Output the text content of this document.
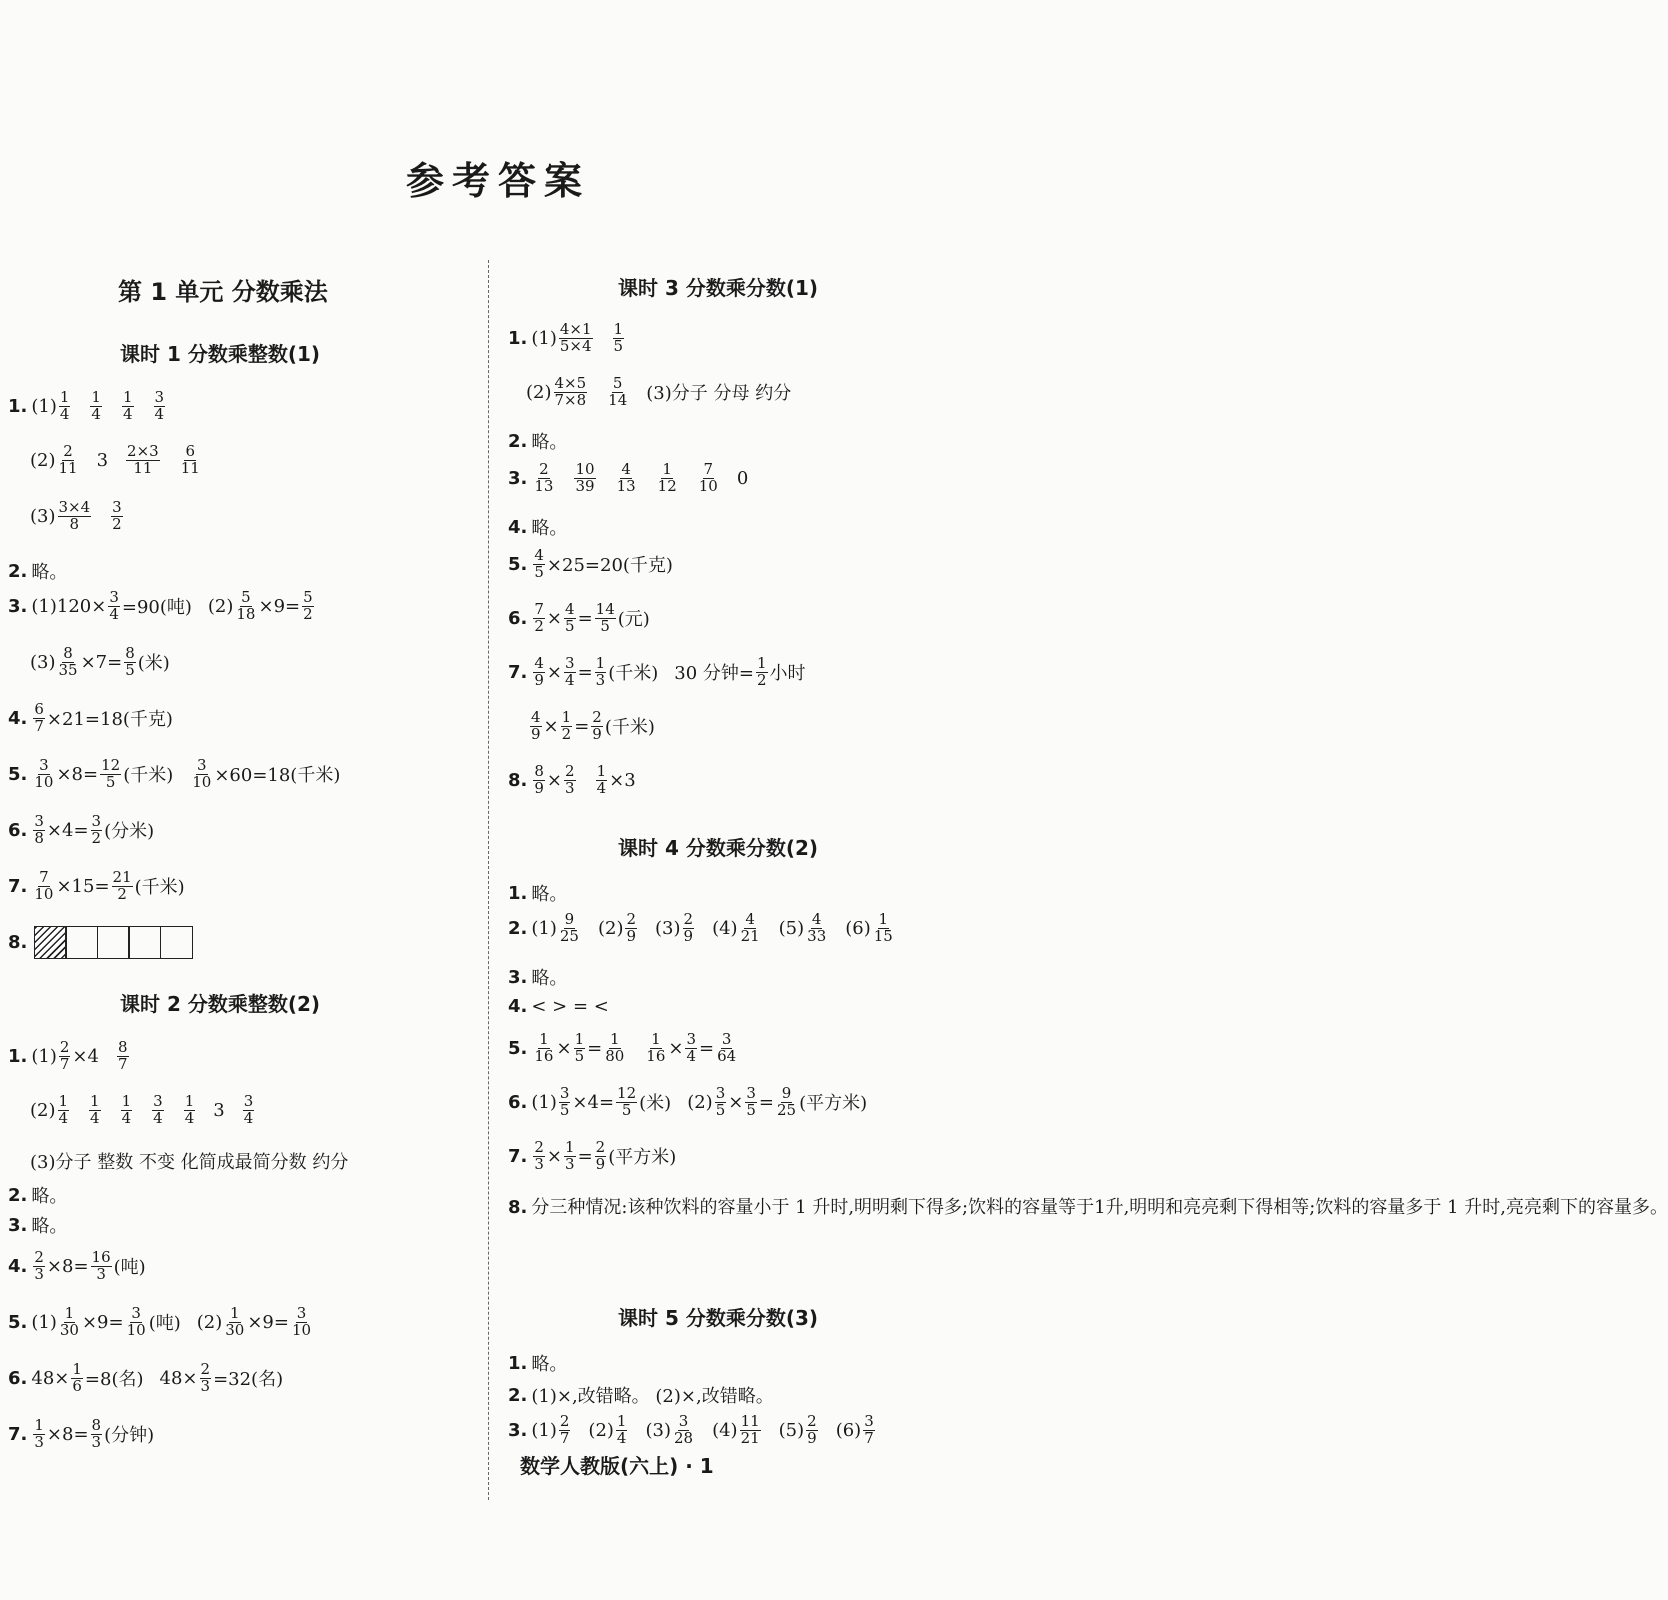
参考答案
第 1 单元 分数乘法
课时 1 分数乘整数(1)
1. $(1) \frac{1}{4} \frac{1}{4} \frac{1}{4} \frac{3}{4}$
$(2) \frac{2}{11} 3 \frac{2\times 3}{11} \frac{6}{11}$
$(3) \frac{3\times 4}{8} \frac{3}{2}$
2. 略。
3. $(1)120\times \frac{3}{4} =90$(吨) $(2) \frac{5}{18} \times 9= \frac{5}{2}$
$(3) \frac{8}{35} \times 7= \frac{8}{5}$ (米)
4. $\frac{6}{7} \times 21=18$(千克)
5. $\frac{3}{10} \times 8= \frac{12}{5}$ (千米) $\frac{3}{10} \times 60=18$(千米)
6. $\frac{3}{8} \times 4= \frac{3}{2}$ (分米)
7. $\frac{7}{10} \times 15= \frac{21}{2}$ (千米)
8.
课时 2 分数乘整数(2)
1. $(1) \frac{2}{7} \times 4 \frac{8}{7}$
$(2) \frac{1}{4} \frac{1}{4} \frac{1}{4} \frac{3}{4} \frac{1}{4} 3 \frac{3}{4}$
(3)分子 整数 不变 化简成最简分数 约分
2. 略。
3. 略。
4. $\frac{2}{3} \times 8= \frac{16}{3}$ (吨)
5. $(1) \frac{1}{30} \times 9= \frac{3}{10}$ (吨) $(2) \frac{1}{30} \times 9= \frac{3}{10}$
6. $48\times \frac{1}{6} =8$(名) $48\times \frac{2}{3} =32$(名)
7. $\frac{1}{3} \times 8= \frac{8}{3}$ (分钟)
课时 3 分数乘分数(1)
1. $(1) \frac{4\times 1}{5\times 4} \frac{1}{5}$
$(2) \frac{4\times 5}{7\times 8} \frac{5}{14} (3)$分子 分母 约分
2. 略。
3. $\frac{2}{13} \frac{10}{39} \frac{4}{13} \frac{1}{12} \frac{7}{10} 0$
4. 略。
5. $\frac{4}{5} \times 25=20$(千克)
6. $\frac{7}{2} \times \frac{4}{5} = \frac{14}{5}$ (元)
7. $\frac{4}{9} \times \frac{3}{4} = \frac{1}{3}$ (千米) 30 分钟= $\frac{1}{2}$ 小时
$\frac{4}{9} \times \frac{1}{2} = \frac{2}{9}$ (千米)
8. $\frac{8}{9} \times \frac{2}{3} \frac{1}{4} \times 3$
课时 4 分数乘分数(2)
1. 略。
2. $(1) \frac{9}{25} (2) \frac{2}{9} (3) \frac{2}{9} (4) \frac{4}{21} (5) \frac{4}{33} (6) \frac{1}{15}$
3. 略。
4. < > = <
5. $\frac{1}{16} \times \frac{1}{5} = \frac{1}{80} \frac{1}{16} \times \frac{3}{4} = \frac{3}{64}$
6. $(1) \frac{3}{5} \times 4= \frac{12}{5}$ (米) $(2) \frac{3}{5} \times \frac{3}{5} = \frac{9}{25}$ (平方米)
7. $\frac{2}{3} \times \frac{1}{3} = \frac{2}{9}$ (平方米)
8. 分三种情况:该种饮料的容量小于 1 升时,明明剩下得多;饮料的容量等于1升,明明和亮亮剩下得相等;饮料的容量多于 1 升时,亮亮剩下的容量多。
课时 5 分数乘分数(3)
1. 略。
2. (1)×,改错略。 (2)×,改错略。
3. $(1) \frac{2}{7} (2) \frac{1}{4} (3) \frac{3}{28} (4) \frac{11}{21} (5) \frac{2}{9} (6) \frac{3}{7}$
数学人教版(六上) · 1
